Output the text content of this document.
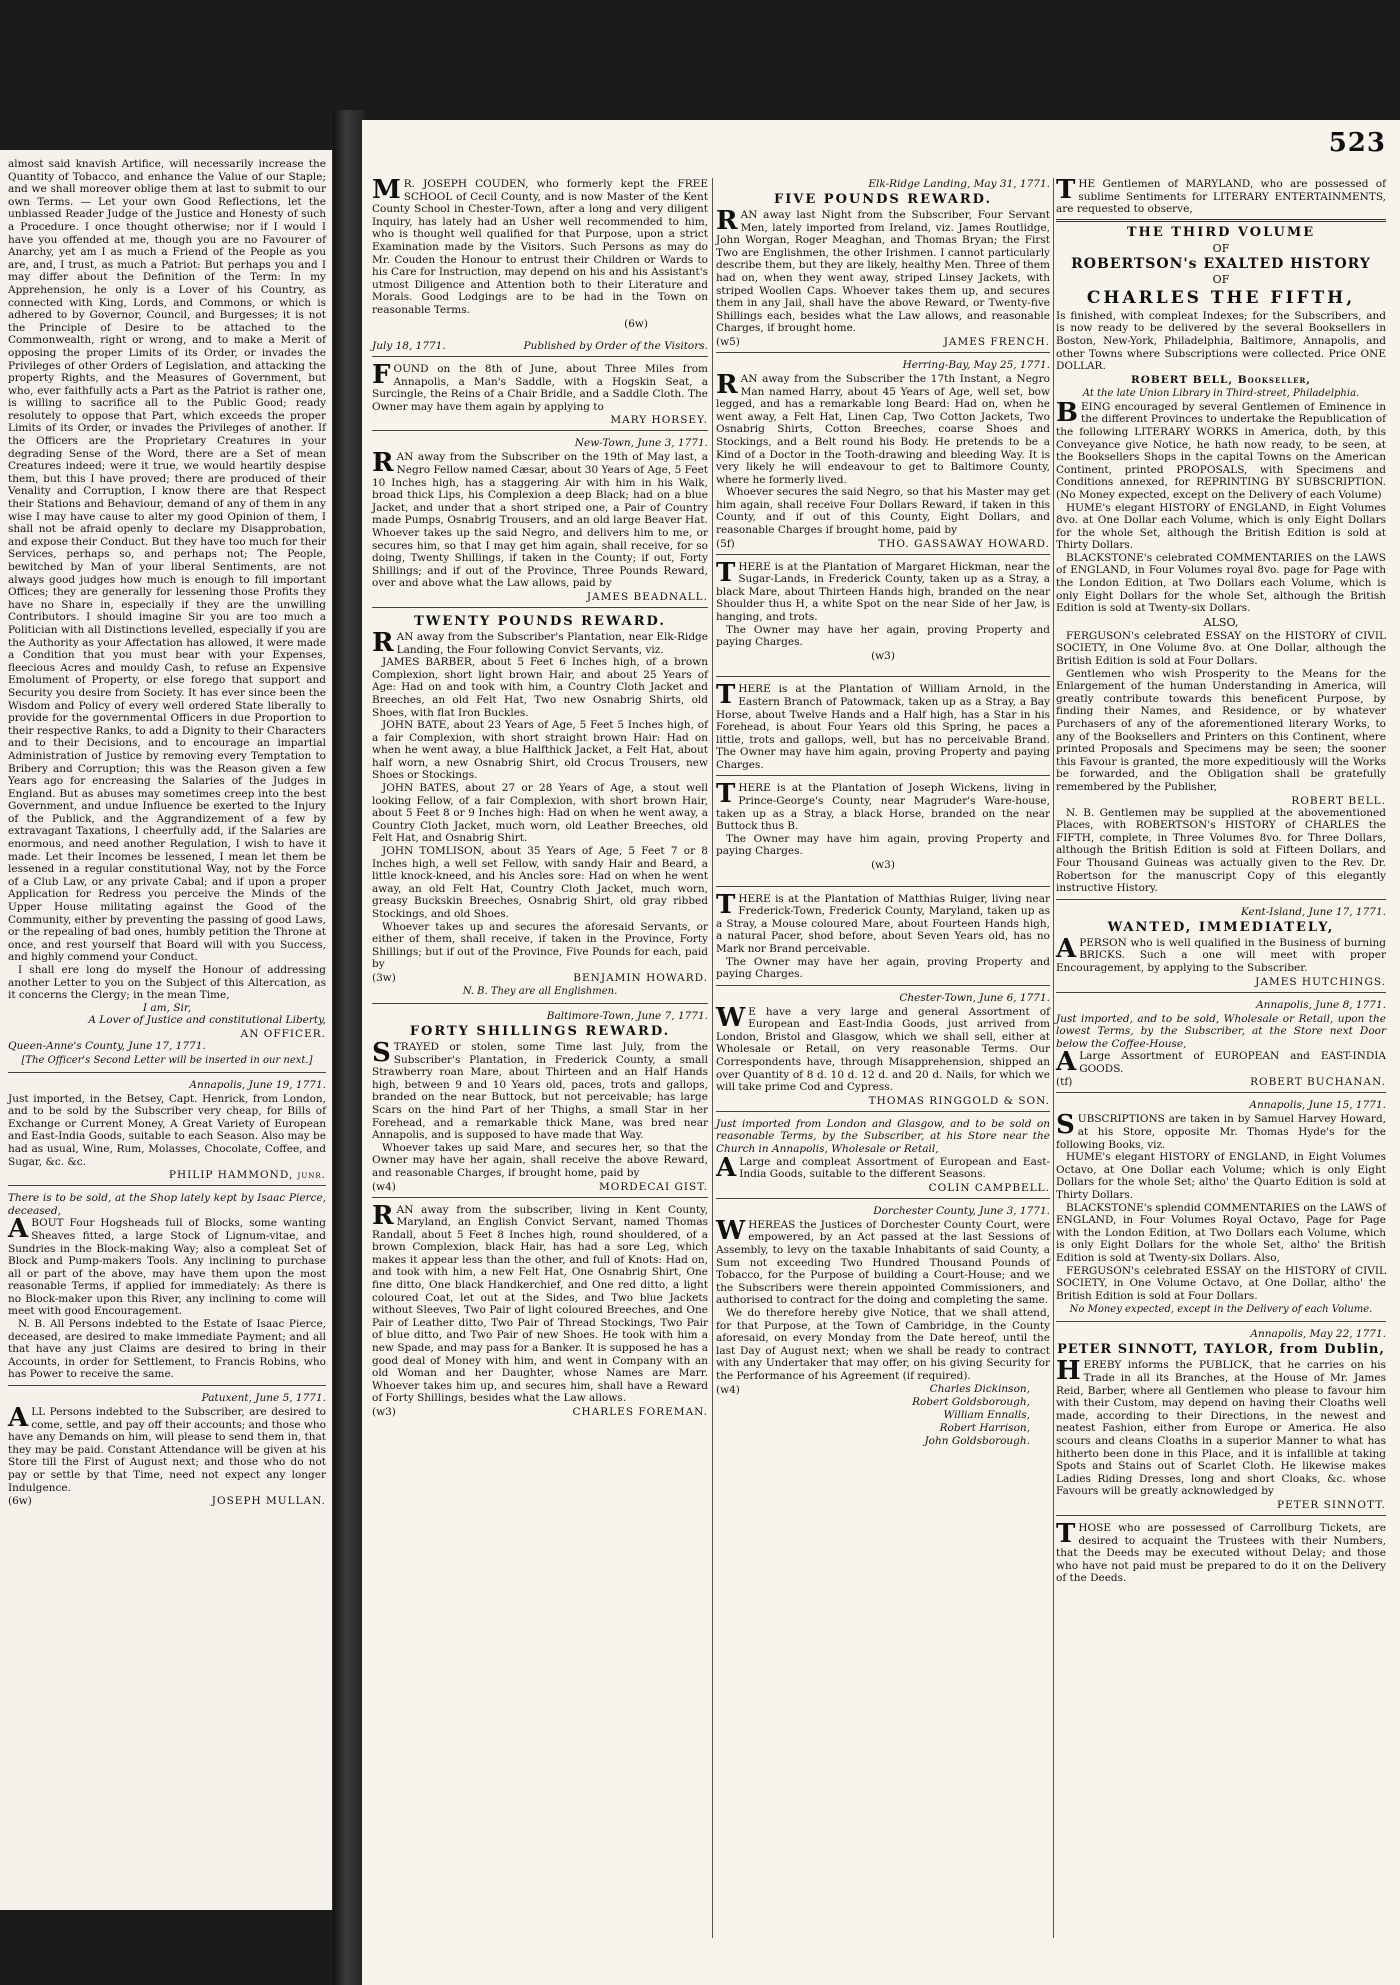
almost said knavish Artifice, will necessarily increase the Quantity of Tobacco, and enhance the Value of our Staple; and we shall moreover oblige them at last to submit to our own Terms. — Let your own Good Reflections, let the unbiassed Reader Judge of the Justice and Honesty of such a Procedure. I once thought otherwise; nor if I would I have you offended at me, though you are no Favourer of Anarchy, yet am I as much a Friend of the People as you are, and, I trust, as much a Patriot: But perhaps you and I may differ about the Definition of the Term: In my Apprehension, he only is a Lover of his Country, as connected with King, Lords, and Commons, or which is adhered to by Governor, Council, and Burgesses; it is not the Principle of Desire to be attached to the Commonwealth, right or wrong, and to make a Merit of opposing the proper Limits of its Order, or invades the Privileges of other Orders of Legislation, and attacking the property Rights, and the Measures of Government, but who, ever faithfully acts a Part as the Patriot is rather one, is willing to sacrifice all to the Public Good; ready resolutely to oppose that Part, which exceeds the proper Limits of its Order, or invades the Privileges of another. If the Officers are the Proprietary Creatures in your degrading Sense of the Word, there are a Set of mean Creatures indeed; were it true, we would heartily despise them, but this I have proved; there are produced of their Venality and Corruption, I know there are that Respect their Stations and Behaviour, demand of any of them in any wise I may have cause to alter my good Opinion of them, I shall not be afraid openly to declare my Disapprobation, and expose their Conduct. But they have too much for their Services, perhaps so, and perhaps not; The People, bewitched by Man of your liberal Sentiments, are not always good judges how much is enough to fill important Offices; they are generally for lessening those Profits they have no Share in, especially if they are the unwilling Contributors. I should imagine Sir you are too much a Politician with all Distinctions levelled, especially if you are the Authority as your Affectation has allowed, it were made a Condition that you must bear with your Expenses, fleecious Acres and mouldy Cash, to refuse an Expensive Emolument of Property, or else forego that support and Security you desire from Society. It has ever since been the Wisdom and Policy of every well ordered State liberally to provide for the governmental Officers in due Proportion to their respective Ranks, to add a Dignity to their Characters and to their Decisions, and to encourage an impartial Administration of Justice by removing every Temptation to Bribery and Corruption; this was the Reason given a few Years ago for encreasing the Salaries of the Judges in England. But as abuses may sometimes creep into the best Government, and undue Influence be exerted to the Injury of the Publick, and the Aggrandizement of a few by extravagant Taxations, I cheerfully add, if the Salaries are enormous, and need another Regulation, I wish to have it made. Let their Incomes be lessened, I mean let them be lessened in a regular constitutional Way, not by the Force of a Club Law, or any private Cabal; and if upon a proper Application for Redress you perceive the Minds of the Upper House militating against the Good of the Community, either by preventing the passing of good Laws, or the repealing of bad ones, humbly petition the Throne at once, and rest yourself that Board will with you Success, and highly commend your Conduct.

I shall ere long do myself the Honour of addressing another Letter to you on the Subject of this Altercation, as it concerns the Clergy; in the mean Time,

I am, Sir,

A Lover of Justice and constitutional Liberty,

AN OFFICER.

Queen-Anne's County, June 17, 1771.

[The Officer's Second Letter will be inserted in our next.]

Annapolis, June 19, 1771.

Just imported, in the Betsey, Capt. Henrick, from London, and to be sold by the Subscriber very cheap, for Bills of Exchange or Current Money, A Great Variety of European and East-India Goods, suitable to each Season. Also may be had as usual, Wine, Rum, Molasses, Chocolate, Coffee, and Sugar, &c. &c.

PHILIP HAMMOND, junr.

There is to be sold, at the Shop lately kept by Isaac Pierce, deceased,

ABOUT Four Hogsheads full of Blocks, some wanting Sheaves fitted, a large Stock of Lignum-vitae, and Sundries in the Block-making Way; also a compleat Set of Block and Pump-makers Tools. Any inclining to purchase all or part of the above, may have them upon the most reasonable Terms, if applied for immediately: As there is no Block-maker upon this River, any inclining to come will meet with good Encouragement.

N. B. All Persons indebted to the Estate of Isaac Pierce, deceased, are desired to make immediate Payment; and all that have any just Claims are desired to bring in their Accounts, in order for Settlement, to Francis Robins, who has Power to receive the same.

Patuxent, June 5, 1771.

ALL Persons indebted to the Subscriber, are desired to come, settle, and pay off their accounts; and those who have any Demands on him, will please to send them in, that they may be paid. Constant Attendance will be given at his Store till the First of August next; and those who do not pay or settle by that Time, need not expect any longer Indulgence.

(6w)	JOSEPH MULLAN.
523

MR. JOSEPH COUDEN, who formerly kept the FREE SCHOOL of Cecil County, and is now Master of the Kent County School in Chester-Town, after a long and very diligent Inquiry, has lately had an Usher well recommended to him, who is thought well qualified for that Purpose, upon a strict Examination made by the Visitors. Such Persons as may do Mr. Couden the Honour to entrust their Children or Wards to his Care for Instruction, may depend on his and his Assistant's utmost Diligence and Attention both to their Literature and Morals. Good Lodgings are to be had in the Town on reasonable Terms.

(6w)

July 18, 1771.	Published by Order of the Visitors.

FOUND on the 8th of June, about Three Miles from Annapolis, a Man's Saddle, with a Hogskin Seat, a Surcingle, the Reins of a Chair Bridle, and a Saddle Cloth. The Owner may have them again by applying to

MARY HORSEY.

New-Town, June 3, 1771.

RAN away from the Subscriber on the 19th of May last, a Negro Fellow named Cæsar, about 30 Years of Age, 5 Feet 10 Inches high, has a staggering Air with him in his Walk, broad thick Lips, his Complexion a deep Black; had on a blue Jacket, and under that a short striped one, a Pair of Country made Pumps, Osnabrig Trousers, and an old large Beaver Hat. Whoever takes up the said Negro, and delivers him to me, or secures him, so that I may get him again, shall receive, for so doing, Twenty Shillings, if taken in the County; if out, Forty Shillings; and if out of the Province, Three Pounds Reward, over and above what the Law allows, paid by

JAMES BEADNALL.

TWENTY POUNDS REWARD.

RAN away from the Subscriber's Plantation, near Elk-Ridge Landing, the Four following Convict Servants, viz.

JAMES BARBER, about 5 Feet 6 Inches high, of a brown Complexion, short light brown Hair, and about 25 Years of Age: Had on and took with him, a Country Cloth Jacket and Breeches, an old Felt Hat, Two new Osnabrig Shirts, old Shoes, with flat Iron Buckles.

JOHN BATE, about 23 Years of Age, 5 Feet 5 Inches high, of a fair Complexion, with short straight brown Hair: Had on when he went away, a blue Halfthick Jacket, a Felt Hat, about half worn, a new Osnabrig Shirt, old Crocus Trousers, new Shoes or Stockings.

JOHN BATES, about 27 or 28 Years of Age, a stout well looking Fellow, of a fair Complexion, with short brown Hair, about 5 Feet 8 or 9 Inches high: Had on when he went away, a Country Cloth Jacket, much worn, old Leather Breeches, old Felt Hat, and Osnabrig Shirt.

JOHN TOMLISON, about 35 Years of Age, 5 Feet 7 or 8 Inches high, a well set Fellow, with sandy Hair and Beard, a little knock-kneed, and his Ancles sore: Had on when he went away, an old Felt Hat, Country Cloth Jacket, much worn, greasy Buckskin Breeches, Osnabrig Shirt, old gray ribbed Stockings, and old Shoes.

Whoever takes up and secures the aforesaid Servants, or either of them, shall receive, if taken in the Province, Forty Shillings; but if out of the Province, Five Pounds for each, paid by

(3w)	BENJAMIN HOWARD.

N. B. They are all Englishmen.

Baltimore-Town, June 7, 1771.

FORTY SHILLINGS REWARD.

STRAYED or stolen, some Time last July, from the Subscriber's Plantation, in Frederick County, a small Strawberry roan Mare, about Thirteen and an Half Hands high, between 9 and 10 Years old, paces, trots and gallops, branded on the near Buttock, but not perceivable; has large Scars on the hind Part of her Thighs, a small Star in her Forehead, and a remarkable thick Mane, was bred near Annapolis, and is supposed to have made that Way.

Whoever takes up said Mare, and secures her, so that the Owner may have her again, shall receive the above Reward, and reasonable Charges, if brought home, paid by

(w4)	MORDECAI GIST.

RAN away from the subscriber, living in Kent County, Maryland, an English Convict Servant, named Thomas Randall, about 5 Feet 8 Inches high, round shouldered, of a brown Complexion, black Hair, has had a sore Leg, which makes it appear less than the other, and full of Knots: Had on, and took with him, a new Felt Hat, One Osnabrig Shirt, One fine ditto, One black Handkerchief, and One red ditto, a light coloured Coat, let out at the Sides, and Two blue Jackets without Sleeves, Two Pair of light coloured Breeches, and One Pair of Leather ditto, Two Pair of Thread Stockings, Two Pair of blue ditto, and Two Pair of new Shoes. He took with him a new Spade, and may pass for a Banker. It is supposed he has a good deal of Money with him, and went in Company with an old Woman and her Daughter, whose Names are Marr. Whoever takes him up, and secures him, shall have a Reward of Forty Shillings, besides what the Law allows.

(w3)	CHARLES FOREMAN.

Elk-Ridge Landing, May 31, 1771.

FIVE POUNDS REWARD.

RAN away last Night from the Subscriber, Four Servant Men, lately imported from Ireland, viz. James Routlidge, John Worgan, Roger Meaghan, and Thomas Bryan; the First Two are Englishmen, the other Irishmen. I cannot particularly describe them, but they are likely, healthy Men. Three of them had on, when they went away, striped Linsey Jackets, with striped Woollen Caps. Whoever takes them up, and secures them in any Jail, shall have the above Reward, or Twenty-five Shillings each, besides what the Law allows, and reasonable Charges, if brought home.

(w5)	JAMES FRENCH.

Herring-Bay, May 25, 1771.

RAN away from the Subscriber the 17th Instant, a Negro Man named Harry, about 45 Years of Age, well set, bow legged, and has a remarkable long Beard: Had on, when he went away, a Felt Hat, Linen Cap, Two Cotton Jackets, Two Osnabrig Shirts, Cotton Breeches, coarse Shoes and Stockings, and a Belt round his Body. He pretends to be a Kind of a Doctor in the Tooth-drawing and bleeding Way. It is very likely he will endeavour to get to Baltimore County, where he formerly lived.

Whoever secures the said Negro, so that his Master may get him again, shall receive Four Dollars Reward, if taken in this County, and if out of this County, Eight Dollars, and reasonable Charges if brought home, paid by

(5f)	THO. GASSAWAY HOWARD.

THERE is at the Plantation of Margaret Hickman, near the Sugar-Lands, in Frederick County, taken up as a Stray, a black Mare, about Thirteen Hands high, branded on the near Shoulder thus H, a white Spot on the near Side of her Jaw, is hanging, and trots.

The Owner may have her again, proving Property and paying Charges.

(w3)

THERE is at the Plantation of William Arnold, in the Eastern Branch of Patowmack, taken up as a Stray, a Bay Horse, about Twelve Hands and a Half high, has a Star in his Forehead, is about Four Years old this Spring, he paces a little, trots and gallops, well, but has no perceivable Brand. The Owner may have him again, proving Property and paying Charges.

THERE is at the Plantation of Joseph Wickens, living in Prince-George's County, near Magruder's Ware-house, taken up as a Stray, a black Horse, branded on the near Buttock thus B.

The Owner may have him again, proving Property and paying Charges.

(w3)

THERE is at the Plantation of Matthias Ruiger, living near Frederick-Town, Frederick County, Maryland, taken up as a Stray, a Mouse coloured Mare, about Fourteen Hands high, a natural Pacer, shod before, about Seven Years old, has no Mark nor Brand perceivable.

The Owner may have her again, proving Property and paying Charges.

Chester-Town, June 6, 1771.

WE have a very large and general Assortment of European and East-India Goods, just arrived from London, Bristol and Glasgow, which we shall sell, either at Wholesale or Retail, on very reasonable Terms. Our Correspondents have, through Misapprehension, shipped an over Quantity of 8 d. 10 d. 12 d. and 20 d. Nails, for which we will take prime Cod and Cypress.

THOMAS RINGGOLD & SON.

Just imported from London and Glasgow, and to be sold on reasonable Terms, by the Subscriber, at his Store near the Church in Annapolis, Wholesale or Retail,

ALarge and compleat Assortment of European and East-India Goods, suitable to the different Seasons.

COLIN CAMPBELL.

Dorchester County, June 3, 1771.

WHEREAS the Justices of Dorchester County Court, were empowered, by an Act passed at the last Sessions of Assembly, to levy on the taxable Inhabitants of said County, a Sum not exceeding Two Hundred Thousand Pounds of Tobacco, for the Purpose of building a Court-House; and we the Subscribers were therein appointed Commissioners, and authorised to contract for the doing and completing the same.

We do therefore hereby give Notice, that we shall attend, for that Purpose, at the Town of Cambridge, in the County aforesaid, on every Monday from the Date hereof, until the last Day of August next; when we shall be ready to contract with any Undertaker that may offer, on his giving Security for the Performance of his Agreement (if required).

(w4)	Charles Dickinson,
Robert Goldsborough,
William Ennalls,
Robert Harrison,
John Goldsborough.

THE Gentlemen of MARYLAND, who are possessed of sublime Sentiments for LITERARY ENTERTAINMENTS, are requested to observe,

THE THIRD VOLUME

OF

ROBERTSON's EXALTED HISTORY

OF

CHARLES THE FIFTH,

Is finished, with compleat Indexes; for the Subscribers, and is now ready to be delivered by the several Booksellers in Boston, New-York, Philadelphia, Baltimore, Annapolis, and other Towns where Subscriptions were collected. Price ONE DOLLAR.

ROBERT BELL, Bookseller,

At the late Union Library in Third-street, Philadelphia.

BEING encouraged by several Gentlemen of Eminence in the different Provinces to undertake the Republication of the following LITERARY WORKS in America, doth, by this Conveyance give Notice, he hath now ready, to be seen, at the Booksellers Shops in the capital Towns on the American Continent, printed PROPOSALS, with Specimens and Conditions annexed, for REPRINTING BY SUBSCRIPTION. (No Money expected, except on the Delivery of each Volume)

HUME's elegant HISTORY of ENGLAND, in Eight Volumes 8vo. at One Dollar each Volume, which is only Eight Dollars for the whole Set, although the British Edition is sold at Thirty Dollars.

BLACKSTONE's celebrated COMMENTARIES on the LAWS of ENGLAND, in Four Volumes royal 8vo. page for Page with the London Edition, at Two Dollars each Volume, which is only Eight Dollars for the whole Set, although the British Edition is sold at Twenty-six Dollars.

ALSO,

FERGUSON's celebrated ESSAY on the HISTORY of CIVIL SOCIETY, in One Volume 8vo. at One Dollar, although the British Edition is sold at Four Dollars.

Gentlemen who wish Prosperity to the Means for the Enlargement of the human Understanding in America, will greatly contribute towards this beneficent Purpose, by finding their Names, and Residence, or by whatever Purchasers of any of the aforementioned literary Works, to any of the Booksellers and Printers on this Continent, where printed Proposals and Specimens may be seen; the sooner this Favour is granted, the more expeditiously will the Works be forwarded, and the Obligation shall be gratefully remembered by the Publisher,

ROBERT BELL.

N. B. Gentlemen may be supplied at the abovementioned Places, with ROBERTSON's HISTORY of CHARLES the FIFTH, complete, in Three Volumes 8vo. for Three Dollars, although the British Edition is sold at Fifteen Dollars, and Four Thousand Guineas was actually given to the Rev. Dr. Robertson for the manuscript Copy of this elegantly instructive History.

Kent-Island, June 17, 1771.

WANTED, IMMEDIATELY,

APERSON who is well qualified in the Business of burning BRICKS. Such a one will meet with proper Encouragement, by applying to the Subscriber.

JAMES HUTCHINGS.

Annapolis, June 8, 1771.

Just imported, and to be sold, Wholesale or Retail, upon the lowest Terms, by the Subscriber, at the Store next Door below the Coffee-House,

ALarge Assortment of EUROPEAN and EAST-INDIA GOODS.

(tf)	ROBERT BUCHANAN.

Annapolis, June 15, 1771.

SUBSCRIPTIONS are taken in by Samuel Harvey Howard, at his Store, opposite Mr. Thomas Hyde's for the following Books, viz.

HUME's elegant HISTORY of ENGLAND, in Eight Volumes Octavo, at One Dollar each Volume; which is only Eight Dollars for the whole Set; altho' the Quarto Edition is sold at Thirty Dollars.

BLACKSTONE's splendid COMMENTARIES on the LAWS of ENGLAND, in Four Volumes Royal Octavo, Page for Page with the London Edition, at Two Dollars each Volume, which is only Eight Dollars for the whole Set, altho' the British Edition is sold at Twenty-six Dollars. Also,

FERGUSON's celebrated ESSAY on the HISTORY of CIVIL SOCIETY, in One Volume Octavo, at One Dollar, altho' the British Edition is sold at Four Dollars.

No Money expected, except in the Delivery of each Volume.

Annapolis, May 22, 1771.

PETER SINNOTT, TAYLOR, from Dublin,

HEREBY informs the PUBLICK, that he carries on his Trade in all its Branches, at the House of Mr. James Reid, Barber, where all Gentlemen who please to favour him with their Custom, may depend on having their Cloaths well made, according to their Directions, in the newest and neatest Fashion, either from Europe or America. He also scours and cleans Cloaths in a superior Manner to what has hitherto been done in this Place, and it is infallible at taking Spots and Stains out of Scarlet Cloth. He likewise makes Ladies Riding Dresses, long and short Cloaks, &c. whose Favours will be greatly acknowledged by

PETER SINNOTT.

THOSE who are possessed of Carrollburg Tickets, are desired to acquaint the Trustees with their Numbers, that the Deeds may be executed without Delay; and those who have not paid must be prepared to do it on the Delivery of the Deeds.
